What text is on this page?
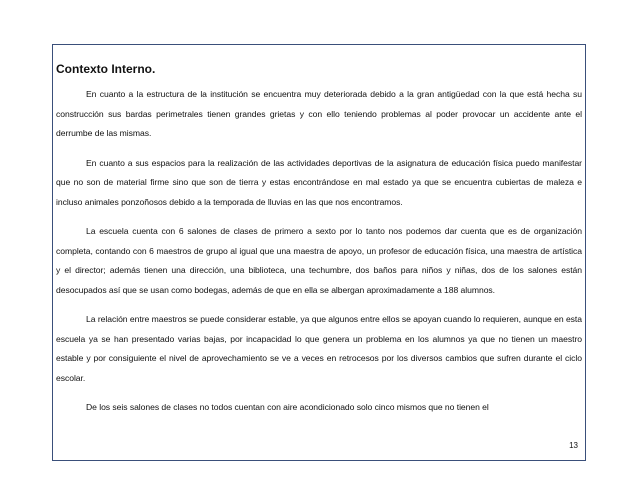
Contexto Interno.

En cuanto a la estructura de la institución se encuentra muy deteriorada debido a la gran antigüedad con la que está hecha su construcción sus bardas perimetrales tienen grandes grietas y con ello teniendo problemas al poder provocar un accidente ante el derrumbe de las mismas.

En cuanto a sus espacios para la realización de las actividades deportivas de la asignatura de educación física puedo manifestar que no son de material firme sino que son de tierra y estas encontrándose en mal estado ya que se encuentra cubiertas de maleza e incluso animales ponzoñosos debido a la temporada de lluvias en las que nos encontramos.

La escuela cuenta con 6 salones de clases de primero a sexto por lo tanto nos podemos dar cuenta que es de organización completa, contando con 6 maestros de grupo al igual que una maestra de apoyo, un profesor de educación física, una maestra de artística y el director; además tienen una dirección, una biblioteca, una techumbre, dos baños para niños y niñas, dos de los salones están desocupados así que se usan como bodegas, además de que en ella se albergan aproximadamente a 188 alumnos.

La relación entre maestros se puede considerar estable, ya que algunos entre ellos se apoyan cuando lo requieren, aunque en esta escuela ya se han presentado varias bajas, por incapacidad lo que genera un problema en los alumnos ya que no tienen un maestro estable y por consiguiente el nivel de aprovechamiento se ve a veces en retrocesos por los diversos cambios que sufren durante el ciclo escolar.

De los seis salones de clases no todos cuentan con aire acondicionado solo cinco mismos que no tienen el

13
